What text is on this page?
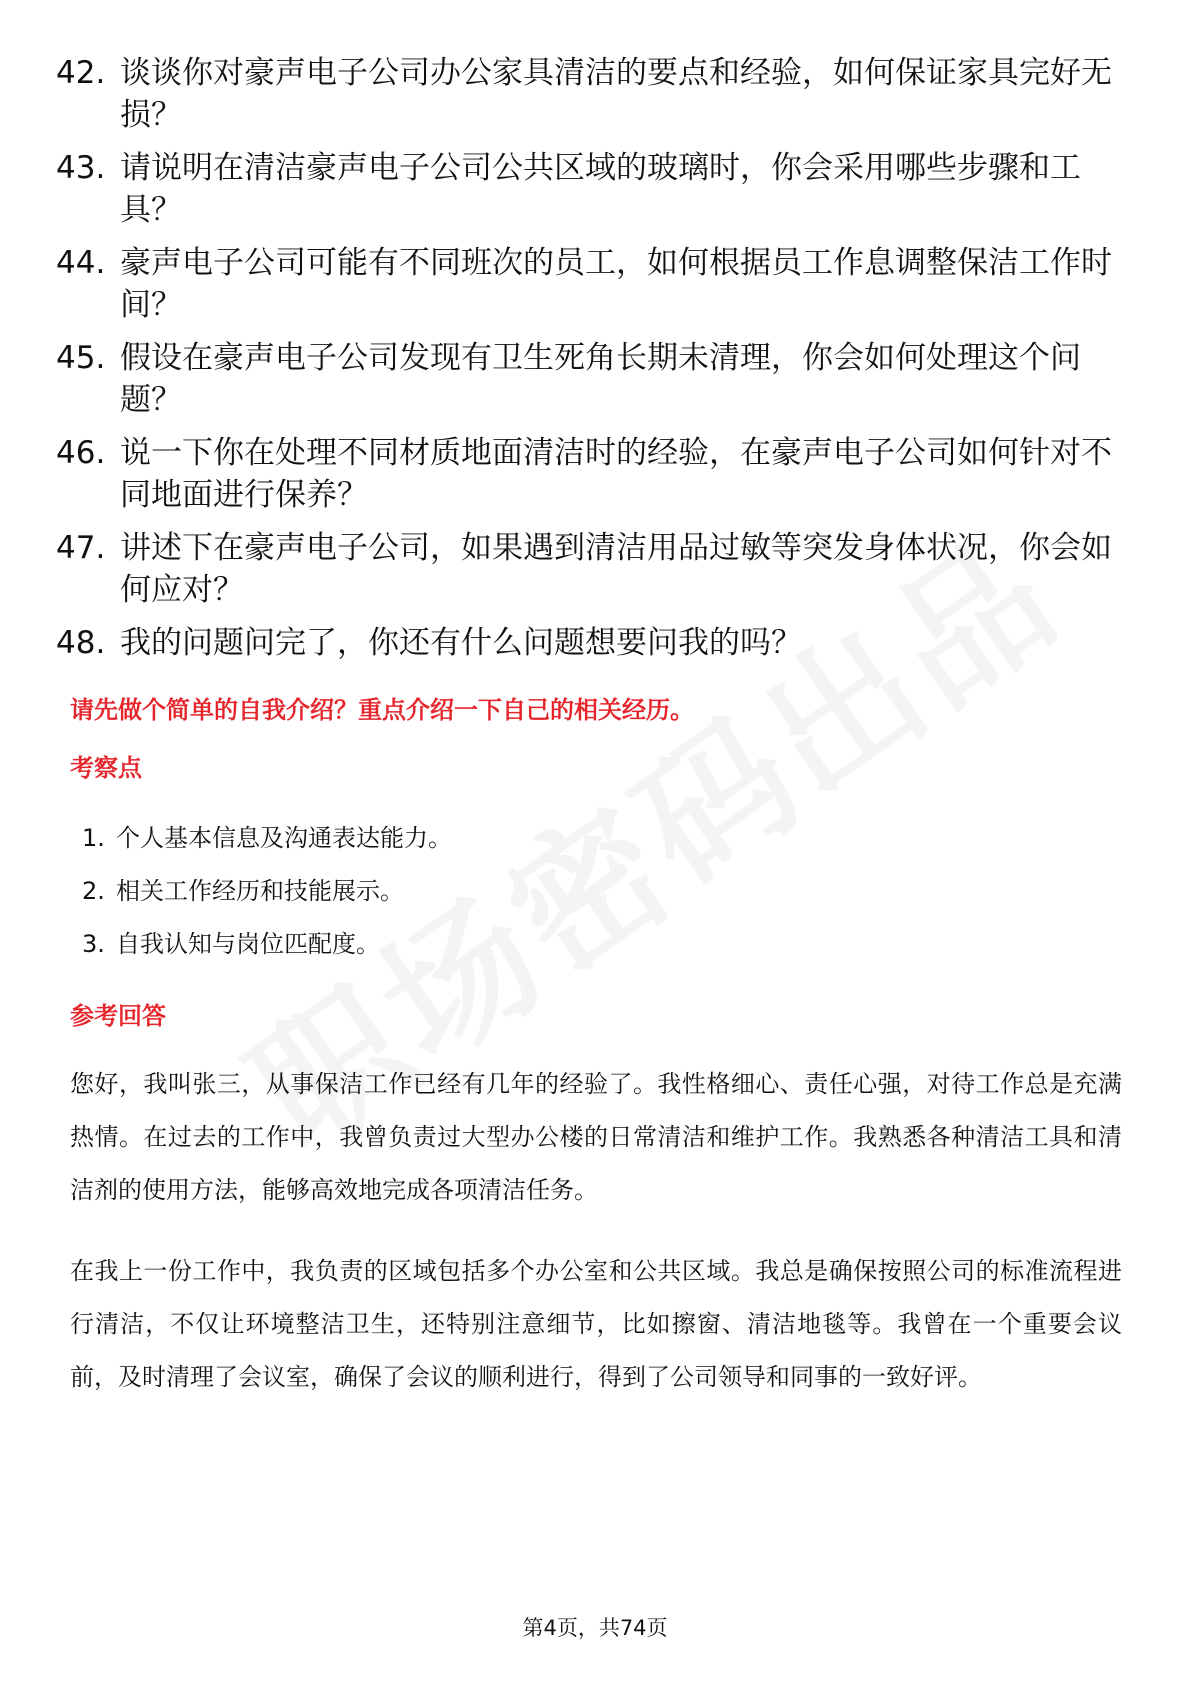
42. 谈谈你对豪声电子公司办公家具清洁的要点和经验，如何保证家具完好无损？
43. 请说明在清洁豪声电子公司公共区域的玻璃时，你会采用哪些步骤和工具？
44. 豪声电子公司可能有不同班次的员工，如何根据员工作息调整保洁工作时间？
45. 假设在豪声电子公司发现有卫生死角长期未清理，你会如何处理这个问题？
46. 说一下你在处理不同材质地面清洁时的经验，在豪声电子公司如何针对不同地面进行保养？
47. 讲述下在豪声电子公司，如果遇到清洁用品过敏等突发身体状况，你会如何应对？
48. 我的问题问完了，你还有什么问题想要问我的吗？

请先做个简单的自我介绍？重点介绍一下自己的相关经历。

考察点

1. 个人基本信息及沟通表达能力。
2. 相关工作经历和技能展示。
3. 自我认知与岗位匹配度。

参考回答

您好，我叫张三，从事保洁工作已经有几年的经验了。我性格细心、责任心强，对待工作总是充满热情。在过去的工作中，我曾负责过大型办公楼的日常清洁和维护工作。我熟悉各种清洁工具和清洁剂的使用方法，能够高效地完成各项清洁任务。

在我上一份工作中，我负责的区域包括多个办公室和公共区域。我总是确保按照公司的标准流程进行清洁，不仅让环境整洁卫生，还特别注意细节，比如擦窗、清洁地毯等。我曾在一个重要会议前，及时清理了会议室，确保了会议的顺利进行，得到了公司领导和同事的一致好评。

第4页，共74页
